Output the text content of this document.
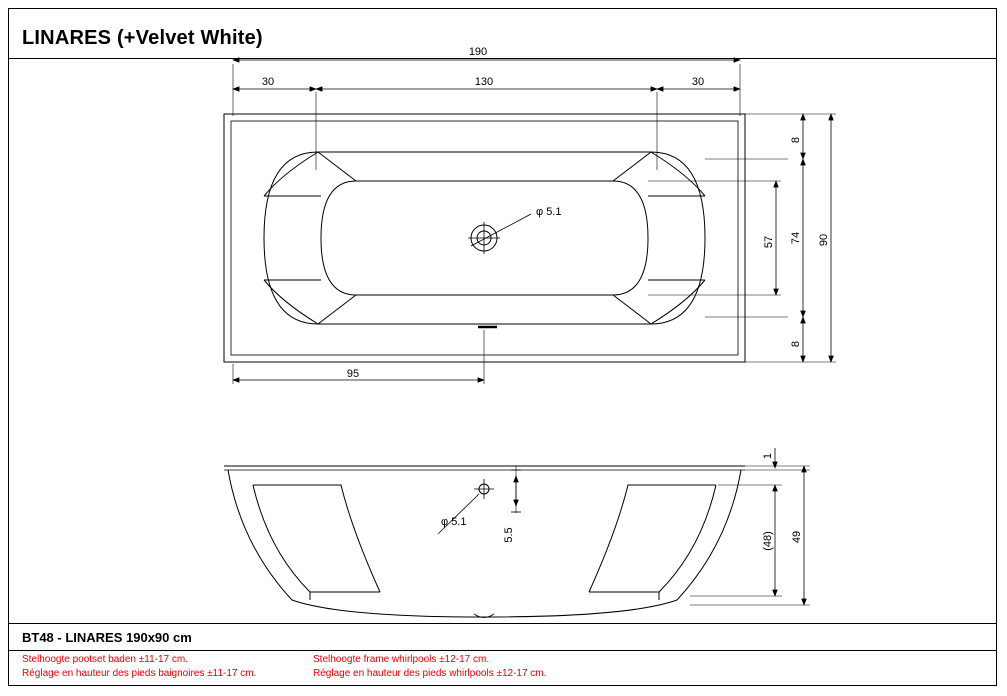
LINARES (+Velvet White)
BT48 - LINARES 190x90 cm
Stelhoogte pootset baden ±11-17 cm.
Réglage en hauteur des pieds baignoires ±11-17 cm.
Stelhoogte frame whirlpools ±12-17 cm.
Réglage en hauteur des pieds whirlpools ±12-17 cm.
190
30	130	30
95
8
8
57 74 90
φ 5.1
φ 5.1
1
5.5	(48) 49
